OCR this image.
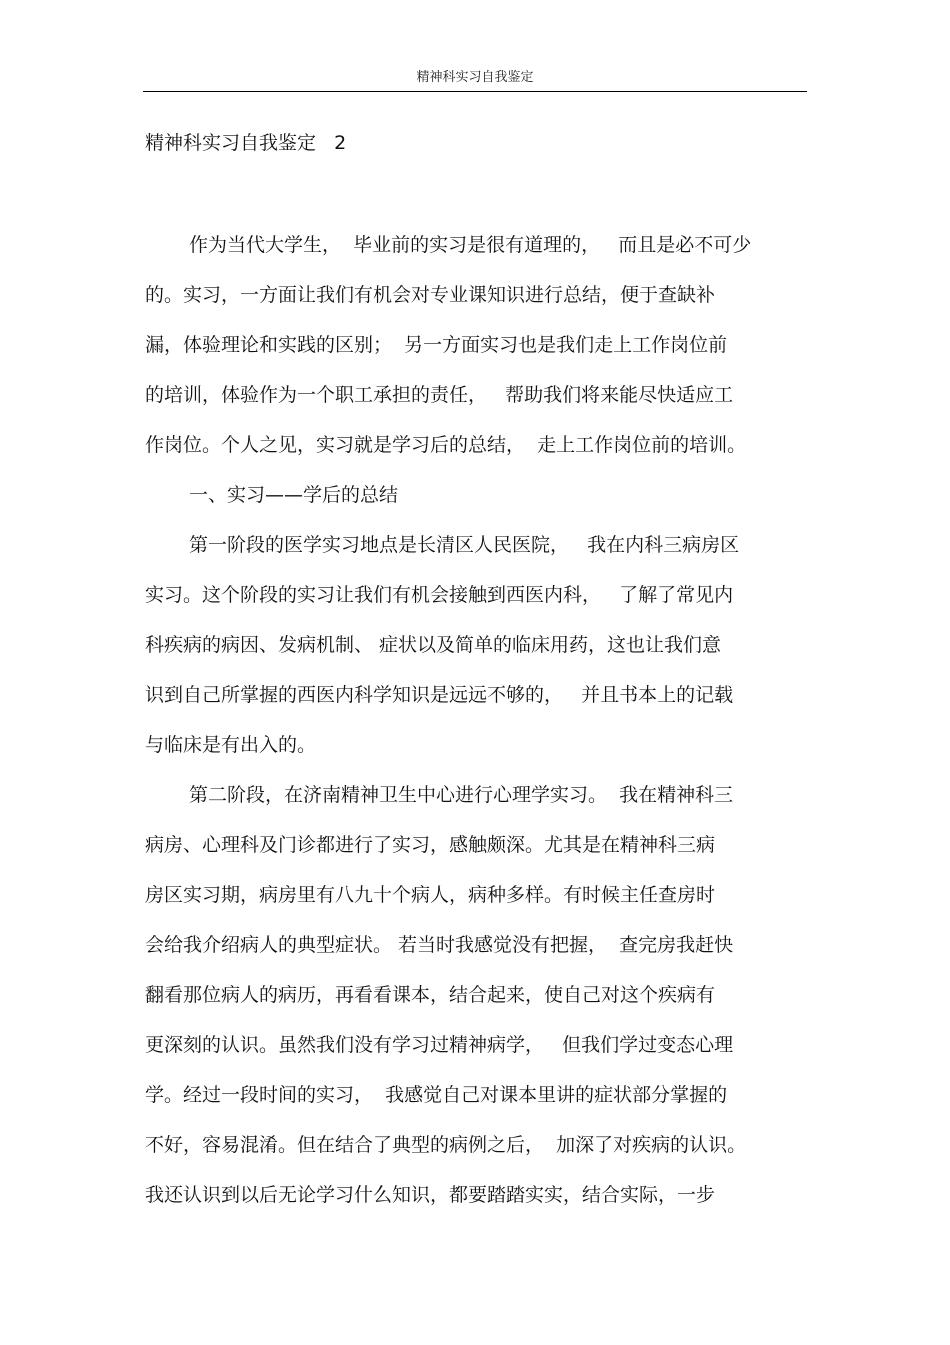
精神科实习自我鉴定
精神科实习自我鉴定   2
作为当代大学生，  毕业前的实习是很有道理的，   而且是必不可少
的。实习，一方面让我们有机会对专业课知识进行总结，便于查缺补
漏，体验理论和实践的区别；  另一方面实习也是我们走上工作岗位前
的培训，体验作为一个职工承担的责任，   帮助我们将来能尽快适应工
作岗位。个人之见，实习就是学习后的总结，  走上工作岗位前的培训。
一、实习——学后的总结
第一阶段的医学实习地点是长清区人民医院，   我在内科三病房区
实习。这个阶段的实习让我们有机会接触到西医内科，   了解了常见内
科疾病的病因、发病机制、 症状以及简单的临床用药，这也让我们意
识到自己所掌握的西医内科学知识是远远不够的，   并且书本上的记载
与临床是有出入的。
第二阶段，在济南精神卫生中心进行心理学实习。  我在精神科三
病房、心理科及门诊都进行了实习，感触颇深。尤其是在精神科三病
房区实习期，病房里有八九十个病人，病种多样。有时候主任查房时
会给我介绍病人的典型症状。 若当时我感觉没有把握，  查完房我赶快
翻看那位病人的病历，再看看课本，结合起来，使自己对这个疾病有
更深刻的认识。虽然我们没有学习过精神病学，   但我们学过变态心理
学。经过一段时间的实习，  我感觉自己对课本里讲的症状部分掌握的
不好，容易混淆。但在结合了典型的病例之后，  加深了对疾病的认识。
我还认识到以后无论学习什么知识，都要踏踏实实，结合实际，一步
